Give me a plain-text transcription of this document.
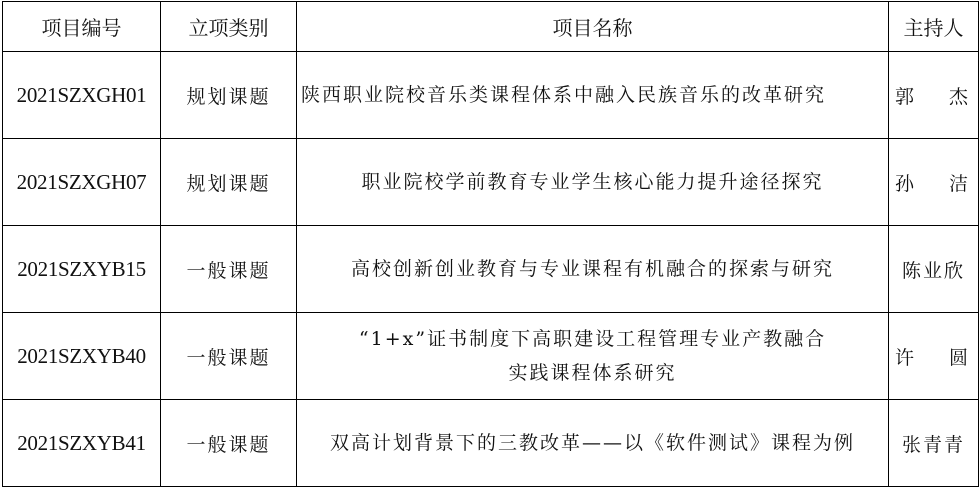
项目编号	立项类别	项目名称	主持人
2021SZXGH01	规划课题	陕西职业院校音乐类课程体系中融入民族音乐的改革研究	郭 杰

2021SZXGH07	规划课题	职业院校学前教育专业学生核心能力提升途径探究	孙 洁

2021SZXYB15	一般课题	高校创新创业教育与专业课程有机融合的探索与研究	陈业欣
2021SZXYB40	一般课题	“1+x”证书制度下高职建设工程管理专业产教融合
实践课程体系研究	许 圆

2021SZXYB41	一般课题	双高计划背景下的三教改革——以《软件测试》课程为例	张青青
